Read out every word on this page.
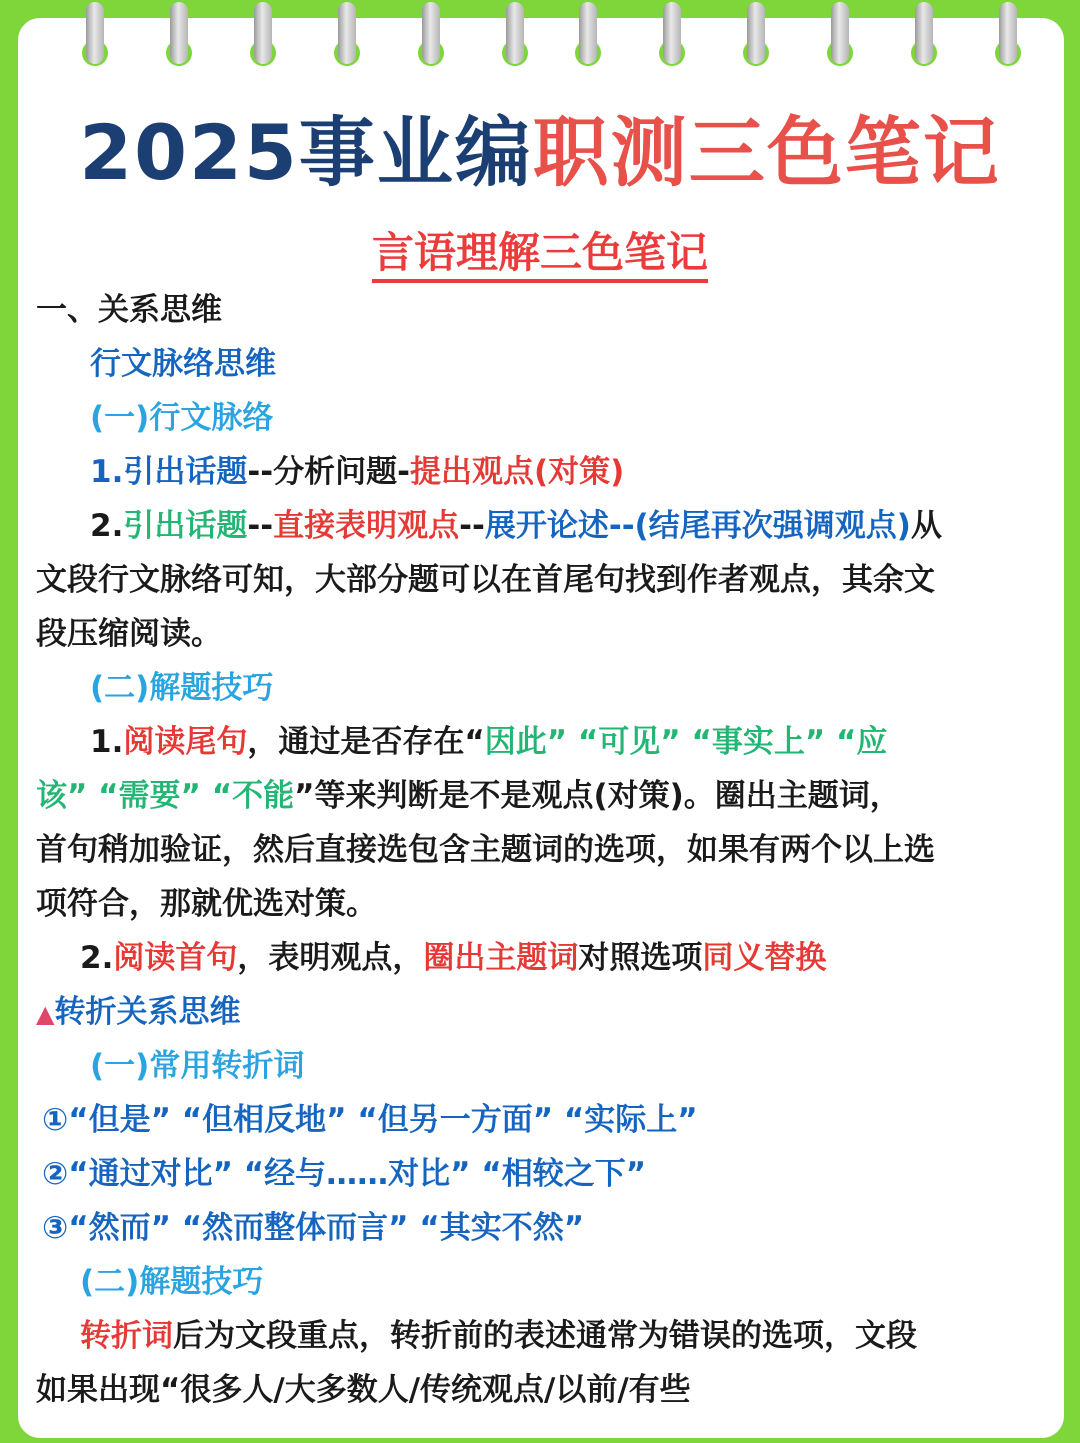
2025事业编职测三色笔记
言语理解三色笔记
一、关系思维
行文脉络思维
(一)行文脉络
1.引出话题--分析问题-提出观点(对策)
2.引出话题--直接表明观点--展开论述--(结尾再次强调观点)从
文段行文脉络可知，大部分题可以在首尾句找到作者观点，其余文
段压缩阅读。
(二)解题技巧
1.阅读尾句，通过是否存在“因此” “可见” “事实上” “应
该” “需要” “不能”等来判断是不是观点(对策)。圈出主题词，
首句稍加验证，然后直接选包含主题词的选项，如果有两个以上选
项符合，那就优选对策。
2.阅读首句，表明观点，圈出主题词对照选项同义替换
▲转折关系思维
(一)常用转折词
①“但是” “但相反地” “但另一方面” “实际上”
②“通过对比” “经与……对比” “相较之下”
③“然而” “然而整体而言” “其实不然”
(二)解题技巧
转折词后为文段重点，转折前的表述通常为错误的选项，文段
如果出现“很多人/大多数人/传统观点/以前/有些
